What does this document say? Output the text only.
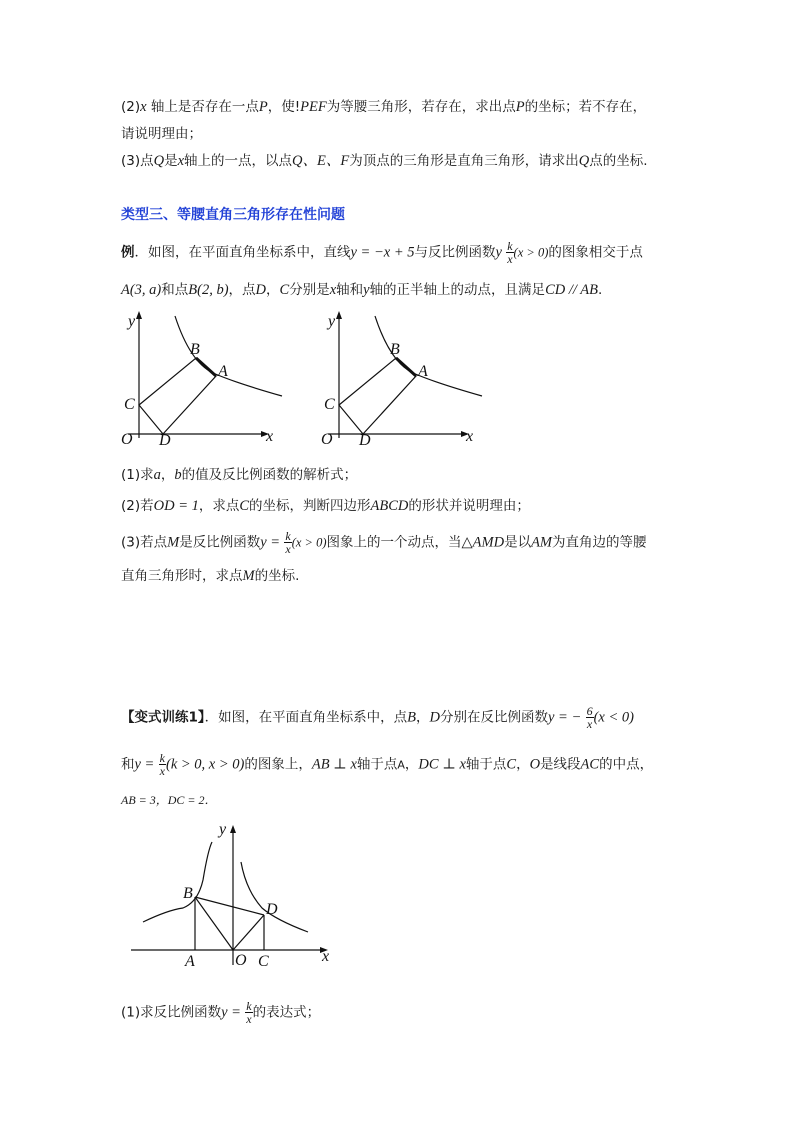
(2)x 轴上是否存在一点P，使!PEF为等腰三角形，若存在，求出点P的坐标；若不存在，
请说明理由；
(3)点Q是x轴上的一点，以点Q、E、F为顶点的三角形是直角三角形，请求出Q点的坐标.
类型三、等腰直角三角形存在性问题
例．如图，在平面直角坐标系中，直线y = −x + 5与反比例函数y $\frac{k}{x} (x > 0)$的图象相交于点
A(3, a)和点B(2, b)，点D，C分别是x轴和y轴的正半轴上的动点，且满足CD // AB.
y
x
O
B
A
C
D
y
x
O
B
A
C
D
(1)求a，b的值及反比例函数的解析式；
(2)若OD = 1，求点C的坐标，判断四边形ABCD的形状并说明理由；
(3)若点M是反比例函数$y = \frac{k}{x} (x > 0)$图象上的一个动点，当△AMD是以AM为直角边的等腰
直角三角形时，求点M的坐标.
【变式训练1】．如图，在平面直角坐标系中，点B，D分别在反比例函数y = − $\frac{6}{x} (x < 0)$
和$y = \frac{k}{x} (k > 0$, x > 0)的图象上，AB ⊥ x轴于点A，DC ⊥ x轴于点C，O是线段AC的中点，
AB = 3，DC = 2．
y
x
O
A
B
C
D
(1)求反比例函数$y = \frac{k}{x}$ 的表达式；
